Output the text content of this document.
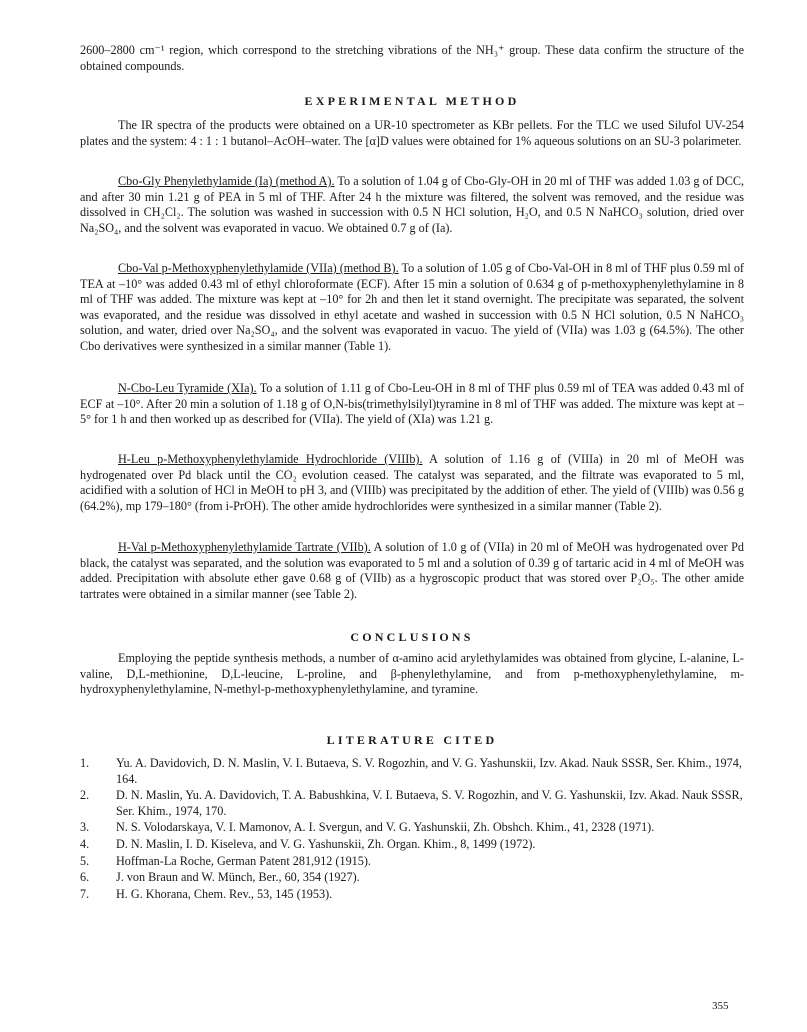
2600–2800 cm⁻¹ region, which correspond to the stretching vibrations of the NH₃⁺ group. These data confirm the structure of the obtained compounds.

EXPERIMENTAL METHOD

The IR spectra of the products were obtained on a UR-10 spectrometer as KBr pellets. For the TLC we used Silufol UV-254 plates and the system: 4 : 1 : 1 butanol–AcOH–water. The [α]D values were obtained for 1% aqueous solutions on an SU-3 polarimeter.

Cbo-Gly Phenylethylamide (Ia) (method A). To a solution of 1.04 g of Cbo-Gly-OH in 20 ml of THF was added 1.03 g of DCC, and after 30 min 1.21 g of PEA in 5 ml of THF. After 24 h the mixture was filtered, the solvent was removed, and the residue was dissolved in CH₂Cl₂. The solution was washed in succession with 0.5 N HCl solution, H₂O, and 0.5 N NaHCO₃ solution, dried over Na₂SO₄, and the solvent was evaporated in vacuo. We obtained 0.7 g of (Ia).

Cbo-Val p-Methoxyphenylethylamide (VIIa) (method B). To a solution of 1.05 g of Cbo-Val-OH in 8 ml of THF plus 0.59 ml of TEA at –10° was added 0.43 ml of ethyl chloroformate (ECF). After 15 min a solution of 0.634 g of p-methoxyphenylethylamine in 8 ml of THF was added. The mixture was kept at –10° for 2h and then let it stand overnight. The precipitate was separated, the solvent was evaporated, and the residue was dissolved in ethyl acetate and washed in succession with 0.5 N HCl solution, 0.5 N NaHCO₃ solution, and water, dried over Na₂SO₄, and the solvent was evaporated in vacuo. The yield of (VIIa) was 1.03 g (64.5%). The other Cbo derivatives were synthesized in a similar manner (Table 1).

N-Cbo-Leu Tyramide (XIa). To a solution of 1.11 g of Cbo-Leu-OH in 8 ml of THF plus 0.59 ml of TEA was added 0.43 ml of ECF at –10°. After 20 min a solution of 1.18 g of O,N-bis(trimethylsilyl)tyramine in 8 ml of THF was added. The mixture was kept at –5° for 1 h and then worked up as described for (VIIa). The yield of (XIa) was 1.21 g.

H-Leu p-Methoxyphenylethylamide Hydrochloride (VIIIb). A solution of 1.16 g of (VIIIa) in 20 ml of MeOH was hydrogenated over Pd black until the CO₂ evolution ceased. The catalyst was separated, and the filtrate was evaporated to 5 ml, acidified with a solution of HCl in MeOH to pH 3, and (VIIIb) was precipitated by the addition of ether. The yield of (VIIIb) was 0.56 g (64.2%), mp 179–180° (from i-PrOH). The other amide hydrochlorides were synthesized in a similar manner (Table 2).

H-Val p-Methoxyphenylethylamide Tartrate (VIIb). A solution of 1.0 g of (VIIa) in 20 ml of MeOH was hydrogenated over Pd black, the catalyst was separated, and the solution was evaporated to 5 ml and a solution of 0.39 g of tartaric acid in 4 ml of MeOH was added. Precipitation with absolute ether gave 0.68 g of (VIIb) as a hygroscopic product that was stored over P₂O₅. The other amide tartrates were obtained in a similar manner (see Table 2).

CONCLUSIONS

Employing the peptide synthesis methods, a number of α-amino acid arylethylamides was obtained from glycine, L-alanine, L-valine, D,L-methionine, D,L-leucine, L-proline, and β-phenylethylamine, and from p-methoxyphenylethylamine, m-hydroxyphenylethylamine, N-methyl-p-methoxyphenylethylamine, and tyramine.

LITERATURE CITED
1.	Yu. A. Davidovich, D. N. Maslin, V. I. Butaeva, S. V. Rogozhin, and V. G. Yashunskii, Izv. Akad. Nauk SSSR, Ser. Khim., 1974, 164.
2.	D. N. Maslin, Yu. A. Davidovich, T. A. Babushkina, V. I. Butaeva, S. V. Rogozhin, and V. G. Yashunskii, Izv. Akad. Nauk SSSR, Ser. Khim., 1974, 170.
3.	N. S. Volodarskaya, V. I. Mamonov, A. I. Svergun, and V. G. Yashunskii, Zh. Obshch. Khim., 41, 2328 (1971).
4.	D. N. Maslin, I. D. Kiseleva, and V. G. Yashunskii, Zh. Organ. Khim., 8, 1499 (1972).
5.	Hoffman-La Roche, German Patent 281,912 (1915).
6.	J. von Braun and W. Münch, Ber., 60, 354 (1927).
7.	H. G. Khorana, Chem. Rev., 53, 145 (1953).
355
